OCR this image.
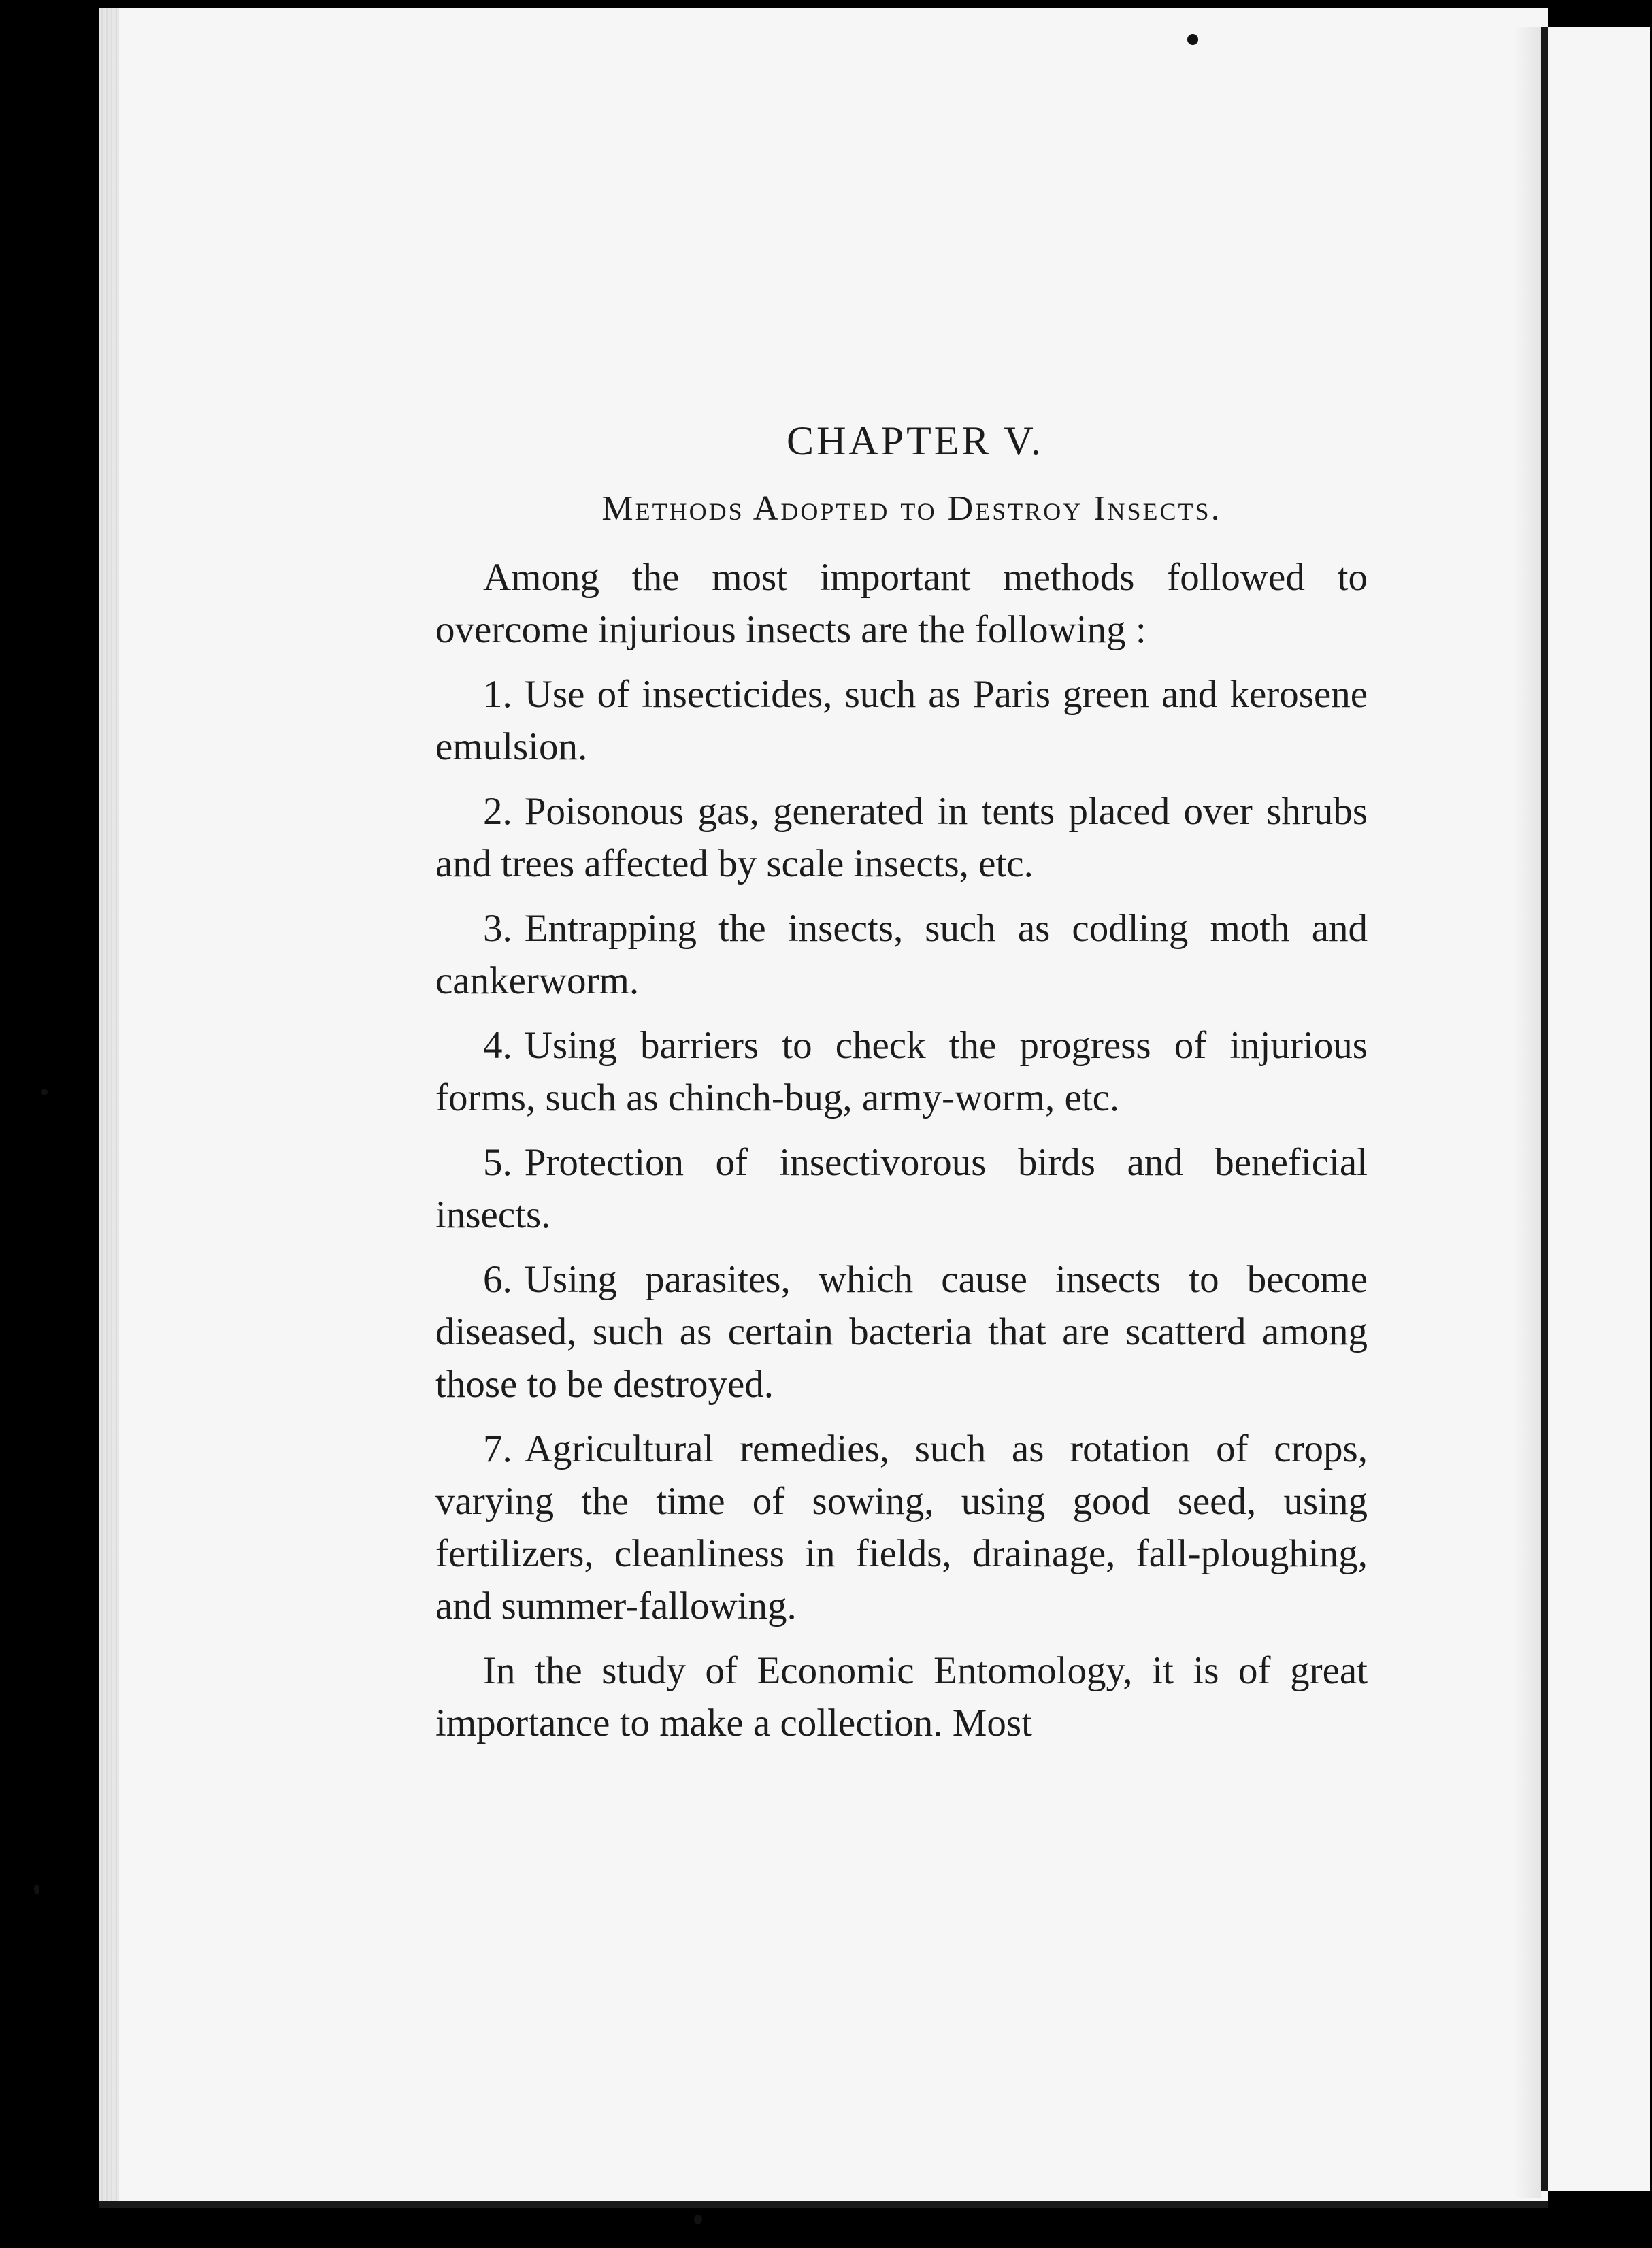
CHAPTER V.
Methods Adopted to Destroy Insects.

Among the most important methods followed to overcome injurious insects are the following :

1. Use of insecticides, such as Paris green and kerosene emulsion.

2. Poisonous gas, generated in tents placed over shrubs and trees affected by scale insects, etc.

3. Entrapping the insects, such as codling moth and cankerworm.

4. Using barriers to check the progress of injurious forms, such as chinch-bug, army-worm, etc.

5. Protection of insectivorous birds and beneficial insects.

6. Using parasites, which cause insects to become diseased, such as certain bacteria that are scatterd among those to be destroyed.

7. Agricultural remedies, such as rotation of crops, varying the time of sowing, using good seed, using fertilizers, cleanliness in fields, drainage, fall-ploughing, and summer-fallowing.

In the study of Economic Entomology, it is of great importance to make a collection. Most
